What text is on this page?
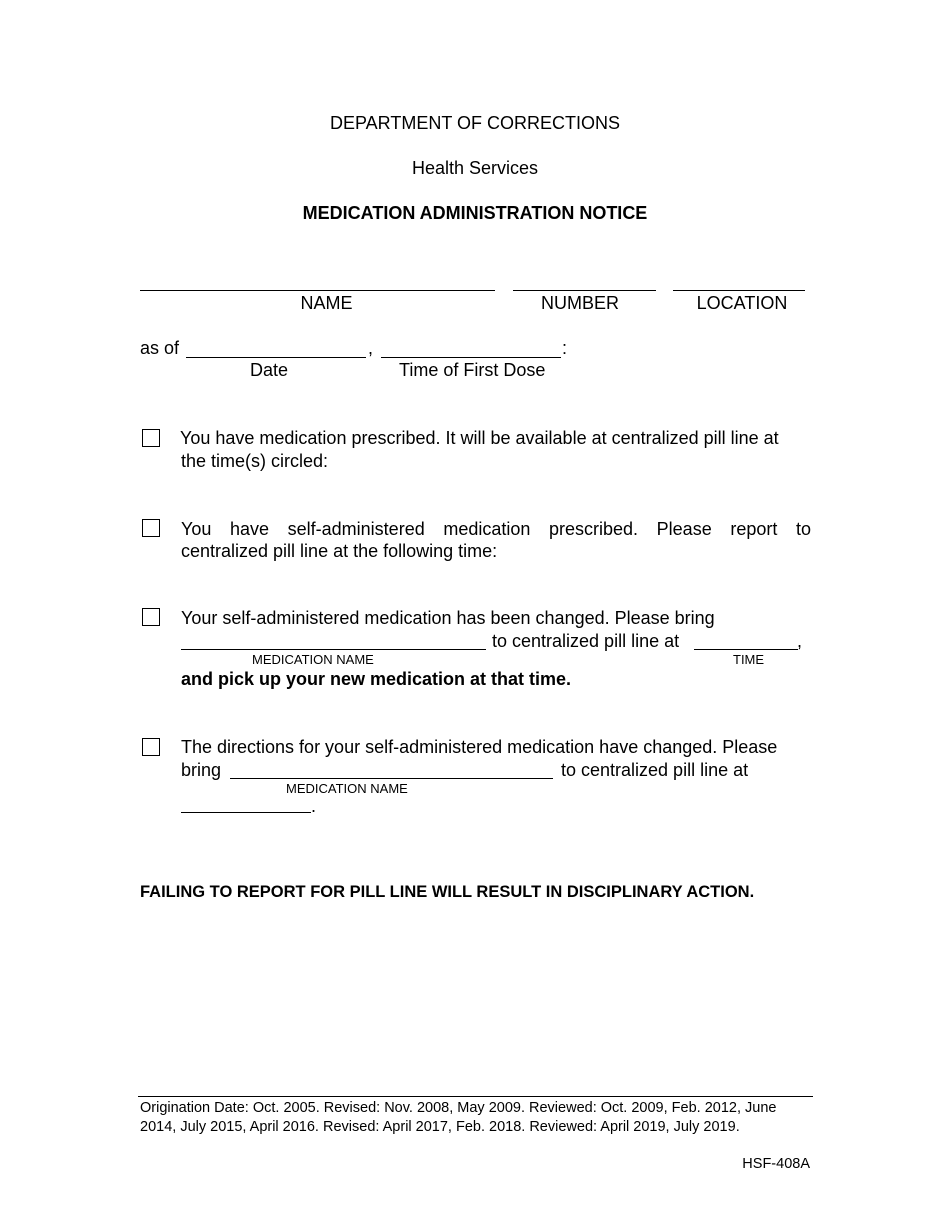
DEPARTMENT OF CORRECTIONS
Health Services
MEDICATION ADMINISTRATION NOTICE
NAME	NUMBER	LOCATION
as of	,	:
Date	Time of First Dose
You have medication prescribed. It will be available at centralized pill line at
the time(s) circled:
You have self-administered medication prescribed. Please report to
centralized pill line at the following time:
Your self-administered medication has been changed. Please bring
to centralized pill line at	,
MEDICATION NAME	TIME
and pick up your new medication at that time.
The directions for your self-administered medication have changed. Please
bring	to centralized pill line at
MEDICATION NAME
.
FAILING TO REPORT FOR PILL LINE WILL RESULT IN DISCIPLINARY ACTION.
Origination Date: Oct. 2005. Revised: Nov. 2008, May 2009. Reviewed: Oct. 2009, Feb. 2012, June 2014, July 2015, April 2016. Revised: April 2017, Feb. 2018. Reviewed: April 2019, July 2019.
HSF-408A
